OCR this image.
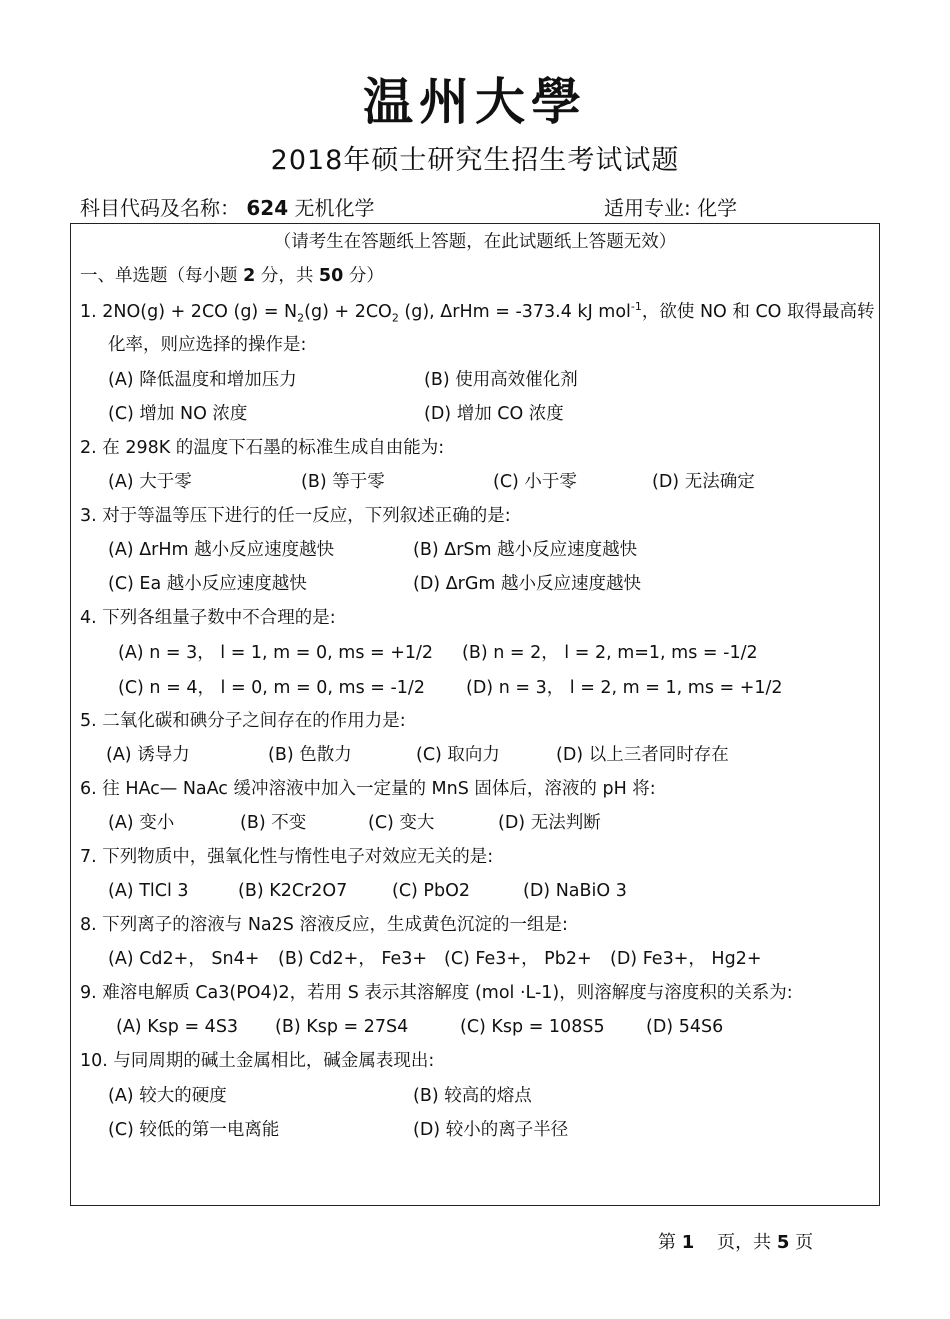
温州大學
2018年硕士研究生招生考试试题
科目代码及名称： 624 无机化学	适用专业: 化学
（请考生在答题纸上答题，在此试题纸上答题无效）
一、单选题（每小题 2 分，共 50 分）
1. 2NO(g) + 2CO $(g) = N_2(g) + 2CO_2$ (g), ΔrHm = -373.4 kJ mol$^{-1}$，欲使 NO 和 CO 取得最高转
化率，则应选择的操作是:
(A) 降低温度和增加压力	(B) 使用高效催化剂
(C) 增加 NO 浓度	(D) 增加 CO 浓度
2. 在 298K 的温度下石墨的标准生成自由能为:
(A) 大于零	(B) 等于零	(C) 小于零	(D) 无法确定
3. 对于等温等压下进行的任一反应，下列叙述正确的是:
(A) ΔrHm 越小反应速度越快	(B) ΔrSm 越小反应速度越快
(C) Ea 越小反应速度越快	(D) ΔrGm 越小反应速度越快
4. 下列各组量子数中不合理的是:
(A) n = 3， l = 1, m = 0, ms = +1/2 (B) n = 2， l = 2, m=1, ms = -1/2
(C) n = 4， l = 0, m = 0, ms = -1/2 (D) n = 3， l = 2, m = 1, ms = +1/2
5. 二氧化碳和碘分子之间存在的作用力是:
(A) 诱导力	(B) 色散力	(C) 取向力	(D) 以上三者同时存在
6. 往 HAc— NaAc 缓冲溶液中加入一定量的 MnS 固体后，溶液的 pH 将:
(A) 变小	(B) 不变	(C) 变大	(D) 无法判断
7. 下列物质中，强氧化性与惰性电子对效应无关的是:
(A) TlCl 3	(B) K2Cr2O7	(C) PbO2	(D) NaBiO 3
8. 下列离子的溶液与 Na2S 溶液反应，生成黄色沉淀的一组是:
(A) Cd2+， Sn4+ (B) Cd2+， Fe3+ (C) Fe3+， Pb2+ (D) Fe3+， Hg2+
9. 难溶电解质 Ca3(PO4)2，若用 S 表示其溶解度 (mol ·L-1)，则溶解度与溶度积的关系为:
(A) Ksp = 4S3 (B) Ksp = 27S4	(C) Ksp = 108S5 (D) 54S6
10. 与同周期的碱土金属相比，碱金属表现出:
(A) 较大的硬度	(B) 较高的熔点
(C) 较低的第一电离能	(D) 较小的离子半径
第 1 页，共 5 页
